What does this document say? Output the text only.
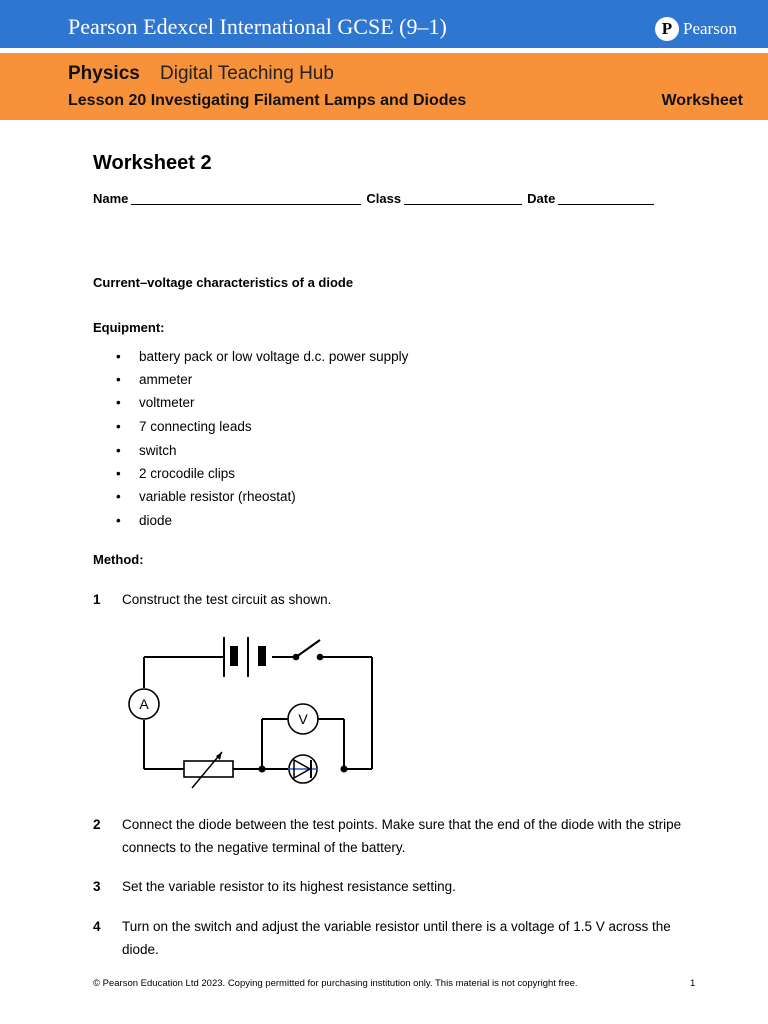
Pearson Edexcel International GCSE (9–1)	P Pearson
Physics Digital Teaching Hub
Lesson 20 Investigating Filament Lamps and Diodes	Worksheet
Worksheet 2
Name	Class	Date
Current–voltage characteristics of a diode
Equipment:
• battery pack or low voltage d.c. power supply
• ammeter
• voltmeter
• 7 connecting leads
• switch
• 2 crocodile clips
• variable resistor (rheostat)
• diode
Method:
1 Construct the test circuit as shown.
A
V
2 Connect the diode between the test points. Make sure that the end of the diode with the stripe connects to the negative terminal of the battery.
3 Set the variable resistor to its highest resistance setting.
4 Turn on the switch and adjust the variable resistor until there is a voltage of 1.5 V across the diode.
© Pearson Education Ltd 2023. Copying permitted for purchasing institution only. This material is not copyright free.	1
